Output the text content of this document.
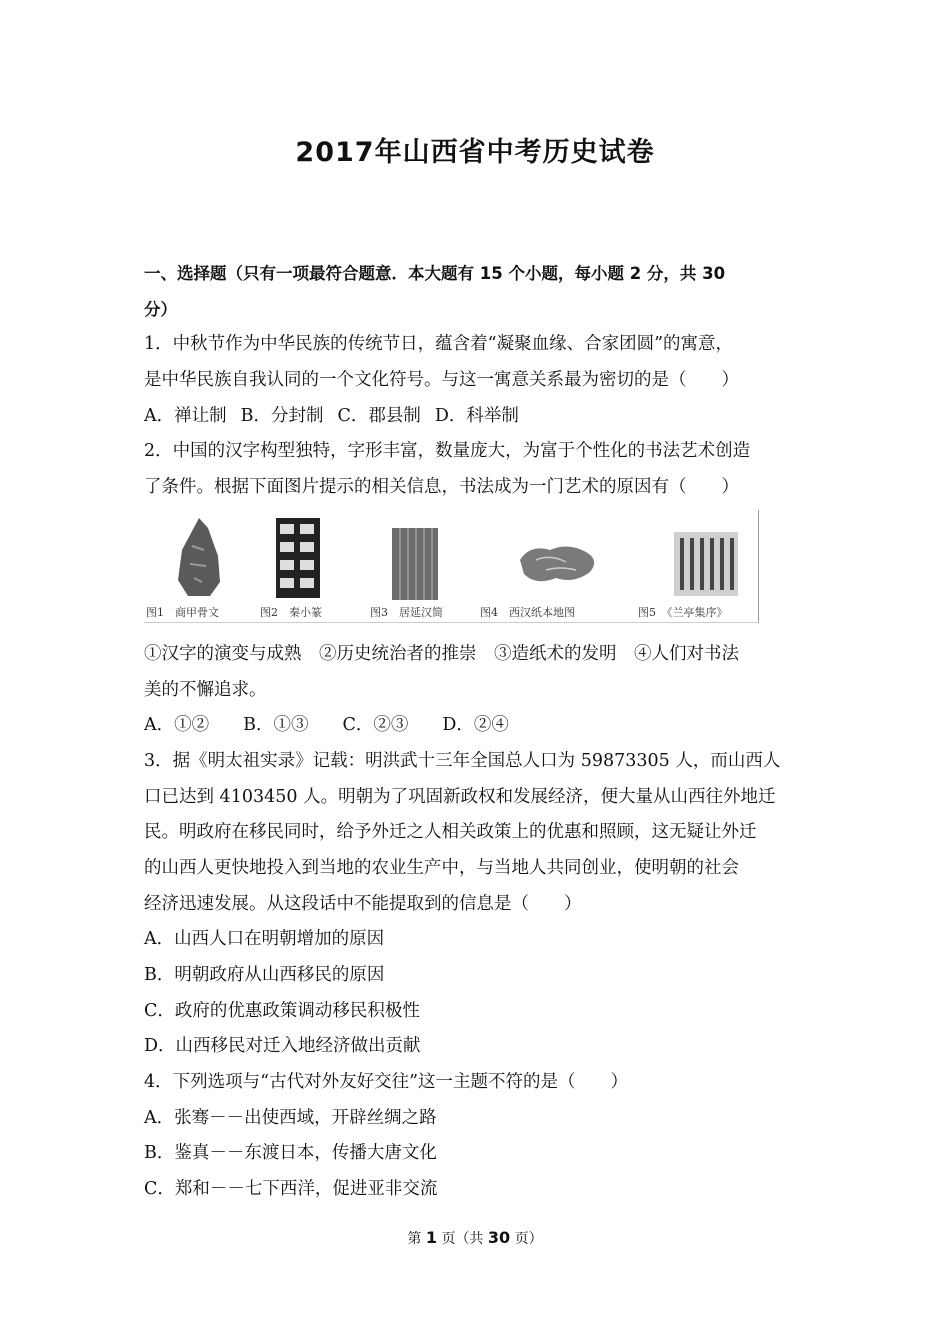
2017年山西省中考历史试卷
一、选择题（只有一项最符合题意．本大题有 15 个小题，每小题 2 分，共 30
分）
1．中秋节作为中华民族的传统节日，蕴含着“凝聚血缘、合家团圆”的寓意，
是中华民族自我认同的一个文化符号。与这一寓意关系最为密切的是（　　）
A．禅让制 B．分封制 C．郡县制 D．科举制
2．中国的汉字构型独特，字形丰富，数量庞大，为富于个性化的书法艺术创造
了条件。根据下面图片提示的相关信息，书法成为一门艺术的原因有（　　）
图1　商甲骨文	图2　秦小篆	图3　居延汉简	图4　西汉纸本地图	图5　《兰亭集序》
①汉字的演变与成熟　②历史统治者的推崇　③造纸术的发明　④人们对书法
美的不懈追求。
A．①② B．①③ C．②③ D．②④
3．据《明太祖实录》记载：明洪武十三年全国总人口为 59873305 人，而山西人
口已达到 4103450 人。明朝为了巩固新政权和发展经济，便大量从山西往外地迁
民。明政府在移民同时，给予外迁之人相关政策上的优惠和照顾，这无疑让外迁
的山西人更快地投入到当地的农业生产中，与当地人共同创业，使明朝的社会
经济迅速发展。从这段话中不能提取到的信息是（　　）
A．山西人口在明朝增加的原因
B．明朝政府从山西移民的原因
C．政府的优惠政策调动移民积极性
D．山西移民对迁入地经济做出贡献
4．下列选项与“古代对外友好交往”这一主题不符的是（　　）
A．张骞－－出使西域，开辟丝绸之路
B．鉴真－－东渡日本，传播大唐文化
C．郑和－－七下西洋，促进亚非交流
第 1 页（共 30 页）
